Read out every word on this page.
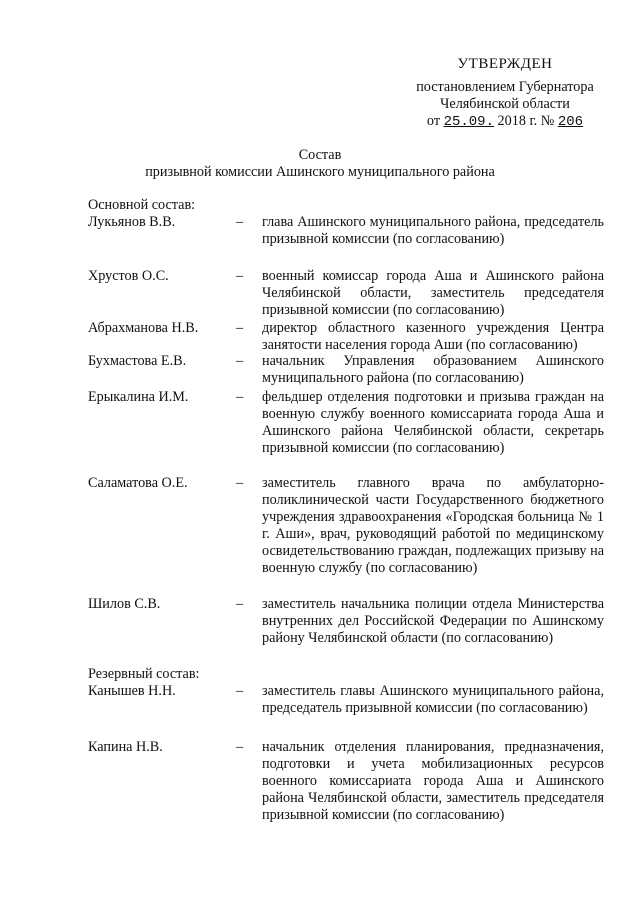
УТВЕРЖДЕН
постановлением Губернатора
Челябинской области
от 25.09. 2018 г. № 206
Состав
призывной комиссии Ашинского муниципального района
Основной состав:
Лукьянов В.В.	–	глава Ашинского муниципального района, председатель призывной комиссии (по согласованию)
Хрустов О.С.	–	военный комиссар города Аша и Ашинского района Челябинской области, заместитель председателя призывной комиссии (по согласованию)
Абрахманова Н.В.	–	директор областного казенного учреждения Центра занятости населения города Аши (по согласованию)
Бухмастова Е.В.	–	начальник Управления образованием Ашинского муниципального района (по согласованию)
Ерыкалина И.М.	–	фельдшер отделения подготовки и призыва граждан на военную службу военного комиссариата города Аша и Ашинского района Челябинской области, секретарь призывной комиссии (по согласованию)
Саламатова О.Е.	–	заместитель главного врача по амбулаторно-поликлинической части Государственного бюджетного учреждения здравоохранения «Городская больница № 1 г. Аши», врач, руководящий работой по медицинскому освидетельствованию граждан, подлежащих призыву на военную службу (по согласованию)
Шилов С.В.	–	заместитель начальника полиции отдела Министерства внутренних дел Российской Федерации по Ашинскому району Челябинской области (по согласованию)
Резервный состав:
Канышев Н.Н.	–	заместитель главы Ашинского муниципального района, председатель призывной комиссии (по согласованию)
Капина Н.В.	–	начальник отделения планирования, предназначения, подготовки и учета мобилизационных ресурсов военного комиссариата города Аша и Ашинского района Челябинской области, заместитель председателя призывной комиссии (по согласованию)
